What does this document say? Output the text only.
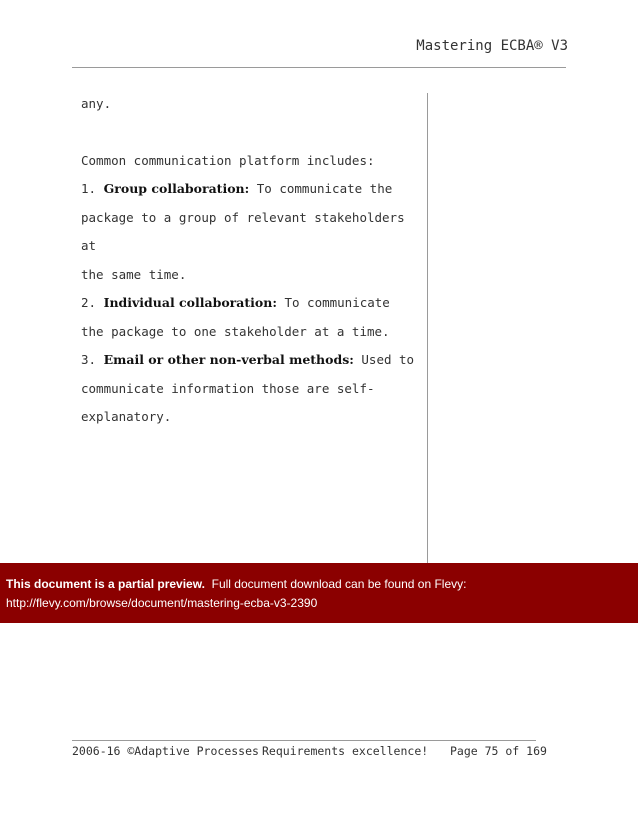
Mastering ECBA® V3

any.

Common communication platform includes:

1. Group collaboration: To communicate the

package to a group of relevant stakeholders at

the same time.

2. Individual collaboration: To communicate

the package to one stakeholder at a time.

3. Email or other non-verbal methods: Used to

communicate information those are self-

explanatory.

This document is a partial preview. Full document download can be found on Flevy:
http://flevy.com/browse/document/mastering-ecba-v3-2390
2006-16 ©Adaptive Processes Requirements excellence! Page 75 of 169
